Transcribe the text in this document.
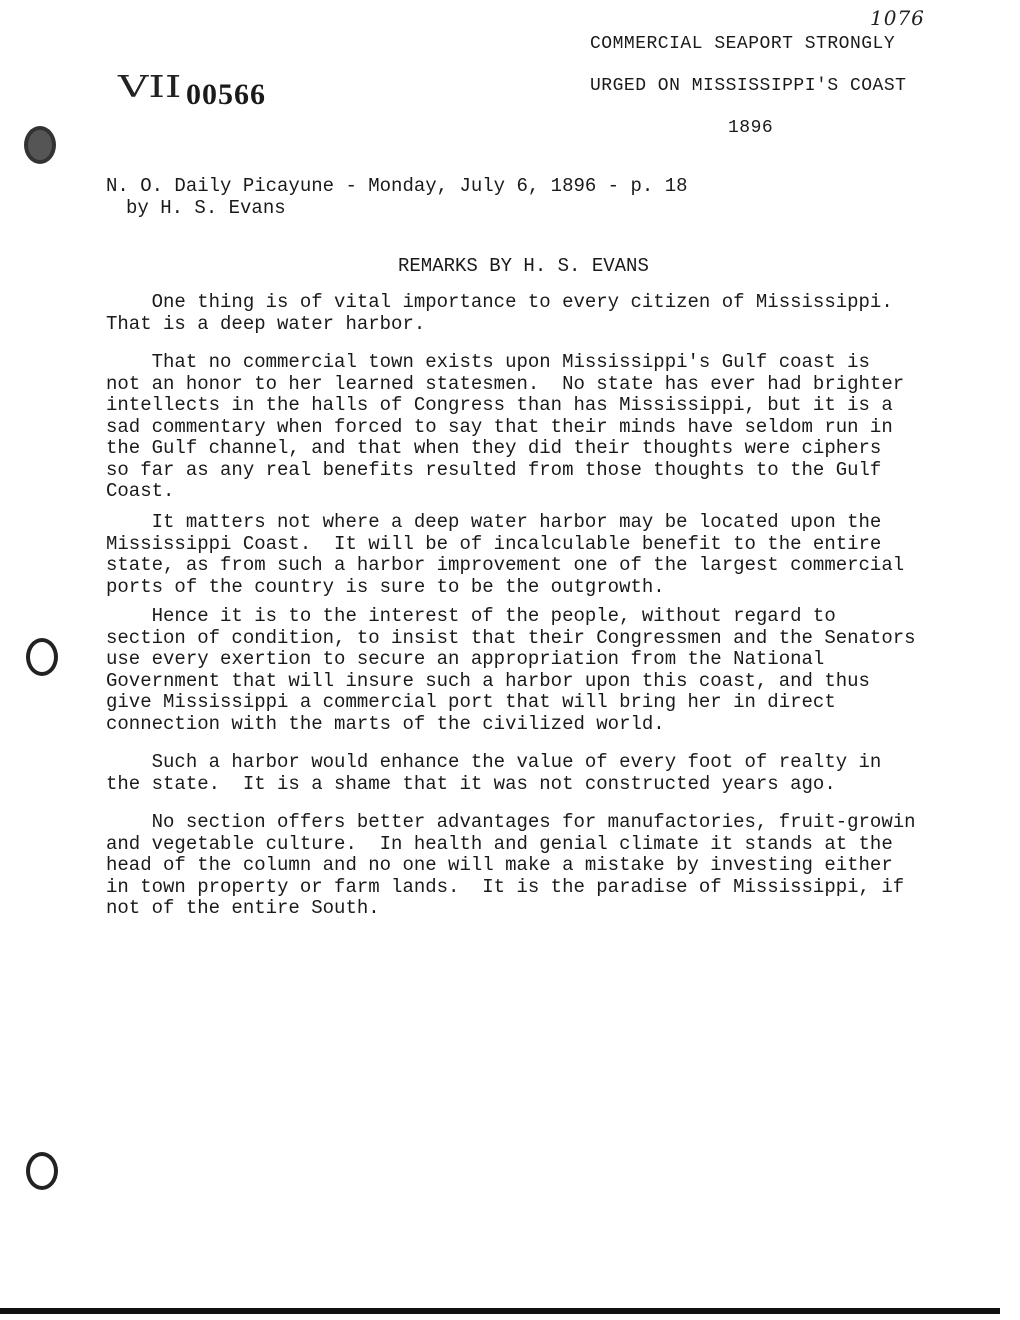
1076
VII 00566
COMMERCIAL SEAPORT STRONGLY
URGED ON MISSISSIPPI'S COAST
1896
N. O. Daily Picayune - Monday, July 6, 1896 - p. 18
by H. S. Evans
REMARKS BY H. S. EVANS
One thing is of vital importance to every citizen of Mississippi.
That is a deep water harbor.
That no commercial town exists upon Mississippi's Gulf coast is
not an honor to her learned statesmen.  No state has ever had brighter
intellects in the halls of Congress than has Mississippi, but it is a
sad commentary when forced to say that their minds have seldom run in
the Gulf channel, and that when they did their thoughts were ciphers
so far as any real benefits resulted from those thoughts to the Gulf
Coast.
It matters not where a deep water harbor may be located upon the
Mississippi Coast.  It will be of incalculable benefit to the entire
state, as from such a harbor improvement one of the largest commercial
ports of the country is sure to be the outgrowth.
Hence it is to the interest of the people, without regard to
section of condition, to insist that their Congressmen and the Senators
use every exertion to secure an appropriation from the National
Government that will insure such a harbor upon this coast, and thus
give Mississippi a commercial port that will bring her in direct
connection with the marts of the civilized world.
Such a harbor would enhance the value of every foot of realty in
the state.  It is a shame that it was not constructed years ago.
No section offers better advantages for manufactories, fruit-growin
and vegetable culture.  In health and genial climate it stands at the
head of the column and no one will make a mistake by investing either
in town property or farm lands.  It is the paradise of Mississippi, if
not of the entire South.
